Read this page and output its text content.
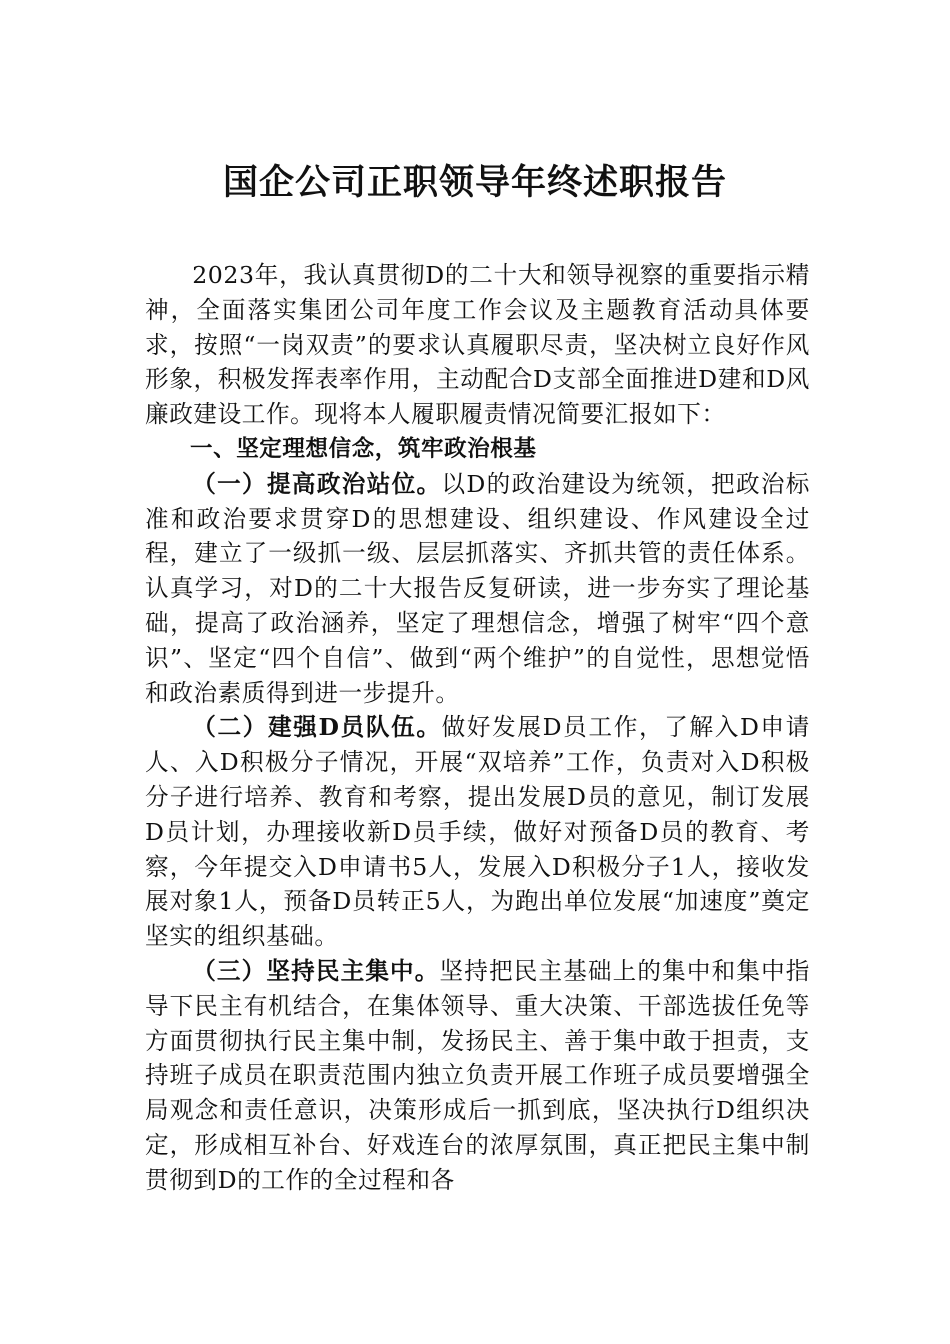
国企公司正职领导年终述职报告

2023年，我认真贯彻D的二十大和领导视察的重要指示精神，全面落实集团公司年度工作会议及主题教育活动具体要求，按照“一岗双责”的要求认真履职尽责，坚决树立良好作风形象，积极发挥表率作用，主动配合D支部全面推进D建和D风廉政建设工作。现将本人履职履责情况简要汇报如下：

一、坚定理想信念，筑牢政治根基

（一）提高政治站位。以D的政治建设为统领，把政治标准和政治要求贯穿D的思想建设、组织建设、作风建设全过程，建立了一级抓一级、层层抓落实、齐抓共管的责任体系。认真学习，对D的二十大报告反复研读，进一步夯实了理论基础，提高了政治涵养，坚定了理想信念，增强了树牢“四个意识”、坚定“四个自信”、做到“两个维护”的自觉性，思想觉悟和政治素质得到进一步提升。

（二）建强D员队伍。做好发展D员工作，了解入D申请人、入D积极分子情况，开展“双培养”工作，负责对入D积极分子进行培养、教育和考察，提出发展D员的意见，制订发展D员计划，办理接收新D员手续，做好对预备D员的教育、考察，今年提交入D申请书5人，发展入D积极分子1人，接收发展对象1人，预备D员转正5人，为跑出单位发展“加速度”奠定坚实的组织基础。

（三）坚持民主集中。坚持把民主基础上的集中和集中指导下民主有机结合，在集体领导、重大决策、干部选拔任免等方面贯彻执行民主集中制，发扬民主、善于集中敢于担责，支持班子成员在职责范围内独立负责开展工作班子成员要增强全局观念和责任意识，决策形成后一抓到底，坚决执行D组织决定，形成相互补台、好戏连台的浓厚氛围，真正把民主集中制贯彻到D的工作的全过程和各
